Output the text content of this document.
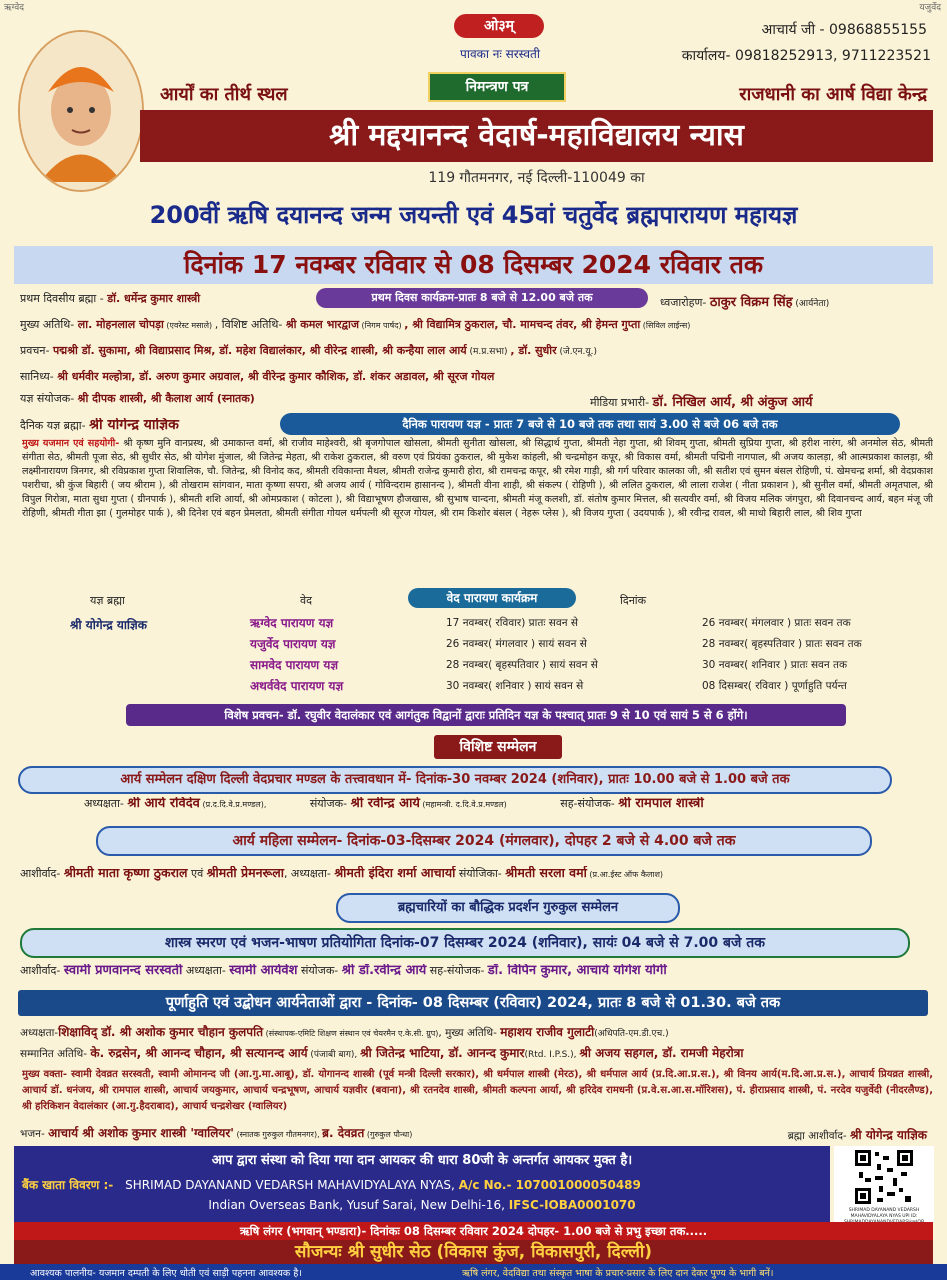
ऋग्वेद	यजुर्वेद
ओ३म्
पावका नः सरस्वती
निमन्त्रण पत्र
आर्यों का तीर्थ स्थल	राजधानी का आर्ष विद्या केन्द्र
आचार्य जी - 09868855155
कार्यालय- 09818252913, 9711223521
श्री मद्दयानन्द वेदार्ष-महाविद्यालय न्यास
119 गौतमनगर, नई दिल्ली-110049 का
200वीं ऋषि दयानन्द जन्म जयन्ती एवं 45वां चतुर्वेद ब्रह्मपारायण महायज्ञ
दिनांक 17 नवम्बर रविवार से 08 दिसम्बर 2024 रविवार तक
प्रथम दिवसीय ब्रह्मा - डॉ. धर्मेन्द्र कुमार शास्त्री	प्रथम दिवस कार्यक्रम-प्रातः 8 बजे से 12.00 बजे तक	ध्वजारोहण- ठाकुर विक्रम सिंह (आर्यनेता)
मुख्य अतिथि- ला. मोहनलाल चोपड़ा (एवरेस्ट मसाले) , विशिष्ट अतिथि- श्री कमल भारद्वाज (निगम पार्षद) , श्री विद्यामित्र ठुकराल, चौ. मामचन्द तंवर, श्री हेमन्त गुप्ता (सिविल लाईन्स)
प्रवचन- पद्मश्री डॉ. सुकामा, श्री विद्याप्रसाद मिश्र, डॉ. महेश विद्यालंकार, श्री वीरेन्द्र शास्त्री, श्री कन्हैया लाल आर्य (म.प्र.सभा) , डॉ. सुधीर (जे.एन.यू.)
सानिध्य- श्री धर्मवीर मल्होत्रा, डॉ. अरुण कुमार अग्रवाल, श्री वीरेन्द्र कुमार कौशिक, डॉ. शंकर अडावल, श्री सूरज गोयल
यज्ञ संयोजक- श्री दीपक शास्त्री, श्री कैलाश आर्य (स्नातक)	मीडिया प्रभारी- डॉ. निखिल आर्य, श्री अंकुज आर्य
दैनिक यज्ञ ब्रह्मा- श्री योगेन्द्र याज्ञिक	दैनिक पारायण यज्ञ - प्रातः 7 बजे से 10 बजे तक तथा सायं 3.00 से बजे 06 बजे तक
मुख्य यजमान एवं सहयोगी- श्री कृष्ण मुनि वानप्रस्थ, श्री उमाकान्त वर्मा, श्री राजीव माहेश्वरी, श्री बृजगोपाल खोसला, श्रीमती सुनीता खोसला, श्री सिद्धार्थ गुप्ता, श्रीमती नेहा गुप्ता, श्री शिवम् गुप्ता, श्रीमती सुप्रिया गुप्ता, श्री हरीश नारंग, श्री अनमोल सेठ, श्रीमती संगीता सेठ, श्रीमती पूजा सेठ, श्री सुधीर सेठ, श्री योगेश मुंजाल, श्री जितेन्द्र मेहता, श्री राकेश ठुकराल, श्री वरुण एवं प्रियंका ठुकराल, श्री मुकेश कांहली, श्री चन्द्रमोहन कपूर, श्री विकास वर्मा, श्रीमती पद्मिनी नागपाल, श्री अजय कालड़ा, श्री आत्मप्रकाश कालड़ा, श्री लक्ष्मीनारायण त्रिनगर, श्री रविप्रकाश गुप्ता शिवालिक, चौ. जितेन्द्र, श्री विनोद कद, श्रीमती रविकान्ता मैथल, श्रीमती राजेन्द्र कुमारी होरा, श्री रामचन्द्र कपूर, श्री रमेश गाड़ी, श्री गर्ग परिवार कालका जी, श्री सतीश एवं सुमन बंसल रोहिणी, पं. खेमचन्द्र शर्मा, श्री वेदप्रकाश पशरीचा, श्री कुंज बिहारी ( जय श्रीराम ), श्री तोखराम सांगवान, माता कृष्णा सपरा, श्री अजय आर्य ( गोविन्दराम हासानन्द ), श्रीमती वीना शाही, श्री संकल्प ( रोहिणी ), श्री ललित ठुकराल, श्री लाला राजेश ( नीता प्रकाशन ), श्री सुनील वर्मा, श्रीमती अमृतपाल, श्री विपुल गिरोत्रा, माता सुधा गुप्ता ( ग्रीनपार्क ), श्रीमती शशि आर्या, श्री ओमप्रकाश ( कोटला ), श्री विद्याभूषण हौजखास, श्री सुभाष चान्दना, श्रीमती मंजू कलशी, डॉ. संतोष कुमार मित्तल, श्री सत्यवीर वर्मा, श्री विजय मलिक जंगपुरा, श्री दिवानचन्द आर्य, बहन मंजू जी रोहिणी, श्रीमती गीता झा ( गुलमोहर पार्क ), श्री दिनेश एवं बहन प्रेमलता, श्रीमती संगीता गोयल धर्मपत्नी श्री सूरज गोयल, श्री राम किशोर बंसल ( नेहरू प्लेस ), श्री विजय गुप्ता ( उदयपार्क ), श्री रवीन्द्र रावल, श्री माधो बिहारी लाल, श्री शिव गुप्ता
यज्ञ ब्रह्मा	वेद	वेद पारायण कार्यक्रम	दिनांक
श्री योगेन्द्र याज्ञिक	ऋग्वेद पारायण यज्ञ	17 नवम्बर( रविवार) प्रातः सवन से	26 नवम्बर( मंगलवार ) प्रातः सवन तक
यजुर्वेद पारायण यज्ञ	26 नवम्बर( मंगलवार ) सायं सवन से	28 नवम्बर( बृहस्पतिवार ) प्रातः सवन तक
सामवेद पारायण यज्ञ	28 नवम्बर( बृहस्पतिवार ) सायं सवन से	30 नवम्बर( शनिवार ) प्रातः सवन तक
अथर्ववेद पारायण यज्ञ	30 नवम्बर( शनिवार ) सायं सवन से	08 दिसम्बर( रविवार ) पूर्णाहुति पर्यन्त
विशेष प्रवचन- डॉ. रघुवीर वेदालंकार एवं आगंतुक विद्वानों द्वाराः प्रतिदिन यज्ञ के पश्चात् प्रातः 9 से 10 एवं सायं 5 से 6 होंगे।
विशिष्ट सम्मेलन
आर्य सम्मेलन दक्षिण दिल्ली वेदप्रचार मण्डल के तत्त्वावधान में- दिनांक-30 नवम्बर 2024 (शनिवार), प्रातः 10.00 बजे से 1.00 बजे तक
अध्यक्षता- श्री आर्य रविदेव (प्र.द.दि.वे.प्र.मण्डल),	संयोजक- श्री रवीन्द्र आर्य (महामन्त्री. द.दि.वे.प्र.मण्डल)	सह-संयोजक- श्री रामपाल शास्त्री
आर्य महिला सम्मेलन- दिनांक-03-दिसम्बर 2024 (मंगलवार), दोपहर 2 बजे से 4.00 बजे तक
आशीर्वाद- श्रीमती माता कृष्णा ठुकराल एवं श्रीमती प्रेमनरूला, अध्यक्षता- श्रीमती इंदिरा शर्मा आचार्या संयोजिका- श्रीमती सरला वर्मा (प्र.आ.ईस्ट ऑफ कैलाश)
ब्रह्मचारियों का बौद्धिक प्रदर्शन गुरुकुल सम्मेलन
शास्त्र स्मरण एवं भजन-भाषण प्रतियोगिता दिनांक-07 दिसम्बर 2024 (शनिवार), सायंः 04 बजे से 7.00 बजे तक
आशीर्वाद- स्वामी प्रणवानन्द सरस्वती अध्यक्षता- स्वामी आर्यवेश संयोजक- श्री डॉ.रवीन्द्र आर्य सह-संयोजक- डॉ. विपिन कुमार, आचार्य योगेश योगी
पूर्णाहुति एवं उद्बोधन आर्यनेताओं द्वारा - दिनांक- 08 दिसम्बर (रविवार) 2024, प्रातः 8 बजे से 01.30. बजे तक
अध्यक्षता-शिक्षाविद् डॉ. श्री अशोक कुमार चौहान कुलपति (संस्थापक-एमिटि शिक्षण संस्थान एवं चेयरमैन ए.के.सी. ग्रुप), मुख्य अतिथि- महाशय राजीव गुलाटी(अधिपति-एम.डी.एच.)
सम्मानित अतिथि- के. रुद्रसेन, श्री आनन्द चौहान, श्री सत्यानन्द आर्य (पंजाबी बाग), श्री जितेन्द्र भाटिया, डॉ. आनन्द कुमार(Rtd. I.P.S.), श्री अजय सहगल, डॉ. रामजी मेहरोत्रा
मुख्य वक्ता- स्वामी देवव्रत सरस्वती, स्वामी ओमानन्द जी (आ.गु.मा.आबू), डॉ. योगानन्द शास्त्री (पूर्व मन्त्री दिल्ली सरकार), श्री धर्मपाल शास्त्री (मेरठ), श्री धर्मपाल आर्य (प्र.दि.आ.प्र.स.), श्री विनय आर्य(म.दि.आ.प्र.स.), आचार्य प्रियव्रत शास्त्री, आचार्य डॉ. धनंजय, श्री रामपाल शास्त्री, आचार्य जयकुमार, आचार्य चन्द्रभूषण, आचार्य यज्ञवीर (बवाना), श्री रतनदेव शास्त्री, श्रीमती कल्पना आर्या, श्री हरिदेव रामधनी (प्र.वे.स.आ.स.मॉरिशस), पं. हीराप्रसाद शास्त्री, पं. नरदेव यजुर्वेदी (नीदरलैण्ड), श्री हरिकिशन वेदालंकार (आ.गु.हैदराबाद), आचार्य चन्द्रशेखर (ग्वालियर)
भजन- आचार्य श्री अशोक कुमार शास्त्री 'ग्वालियर' (स्नातक गुरुकुल गौतमनगर), ब्र. देवव्रत (गुरुकुल पौन्धा)	ब्रह्मा आशीर्वाद- श्री योगेन्द्र याज्ञिक
आप द्वारा संस्था को दिया गया दान आयकर की धारा 80जी के अन्तर्गत आयकर मुक्त है।
बैंक खाता विवरण :- SHRIMAD DAYANAND VEDARSH MAHAVIDYALAYA NYAS, A/c No.- 107001000050489
Indian Overseas Bank, Yusuf Sarai, New Delhi-16, IFSC-IOBA0001070	SHRIMAD DAYANAND VEDARSH MAHAVIDYALAYA NYAS UPI ID:
ऋषि लंगर (भगवान् भण्डारा)- दिनांकः 08 दिसम्बर रविवार 2024 दोपहर- 1.00 बजे से प्रभु इच्छा तक.....
सौजन्यः श्री सुधीर सेठ (विकास कुंज, विकासपुरी, दिल्ली)
आवश्यक पालनीय- यजमान दम्पती के लिए धोती एवं साड़ी पहनना आवश्यक है।	ऋषि लंगर, वेदविद्या तथा संस्कृत भाषा के प्रचार-प्रसार के लिए दान देकर पुण्य के भागी बनें।
